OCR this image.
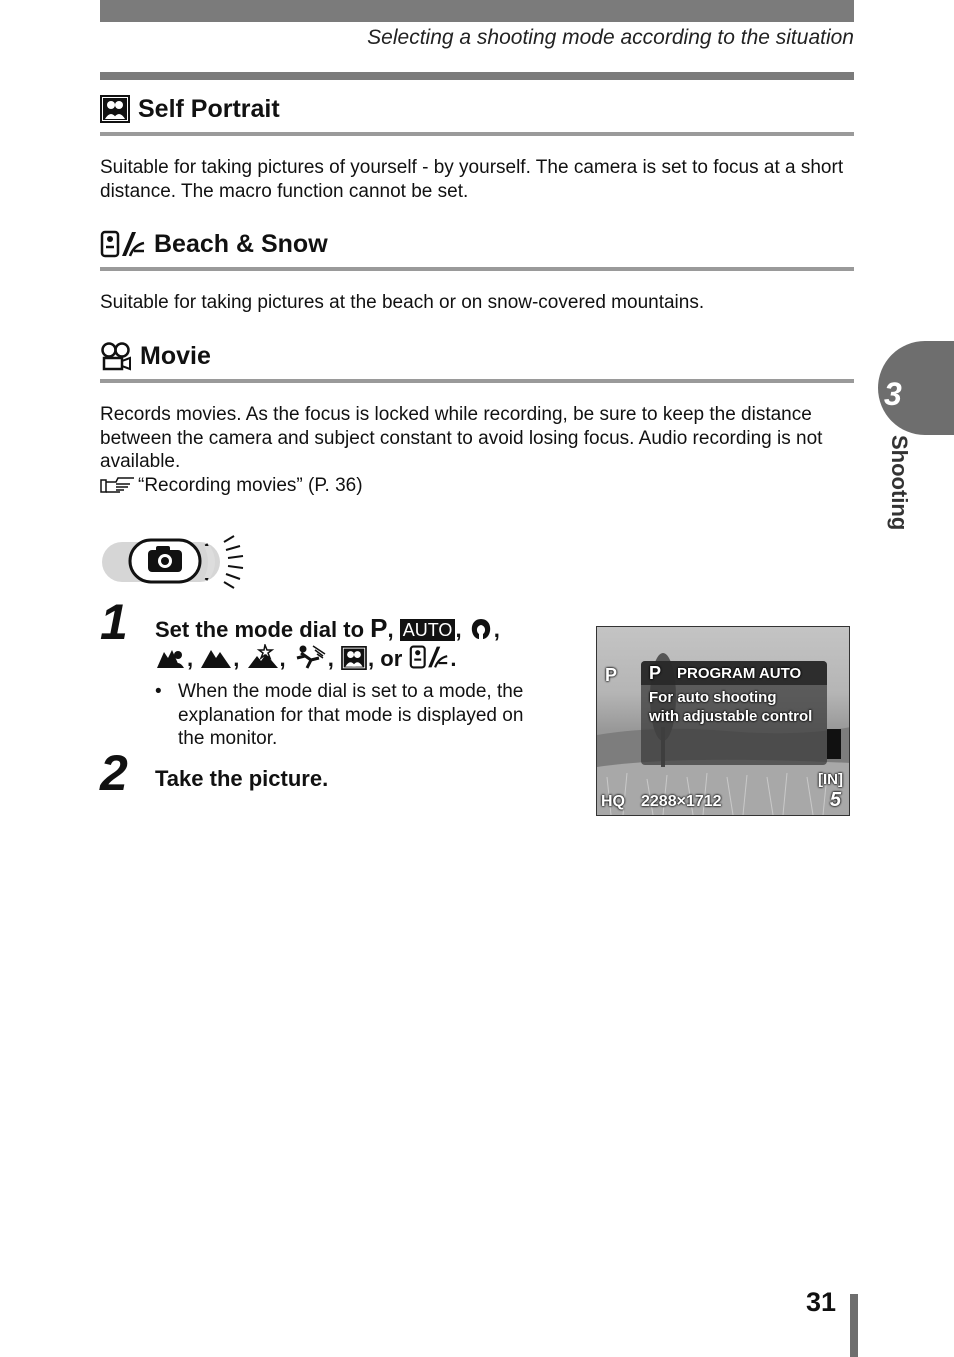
Selecting a shooting mode according to the situation
Self Portrait
Suitable for taking pictures of yourself - by yourself. The camera is set to focus at a short distance. The macro function cannot be set.
Beach & Snow
Suitable for taking pictures at the beach or on snow-covered mountains.
Movie
Records movies. As the focus is locked while recording, be sure to keep the distance between the camera and subject constant to avoid losing focus. Audio recording is not available.
“Recording movies” (P. 36)
1 Set the mode dial to P, AUTO , ,
, , , , , or .
• When the mode dial is set to a mode, the explanation for that mode is displayed on the monitor.
2 Take the picture.
P P PROGRAM AUTO
For auto shooting
with adjustable control
[IN]
HQ 2288×1712	5
3
Shooting
31
